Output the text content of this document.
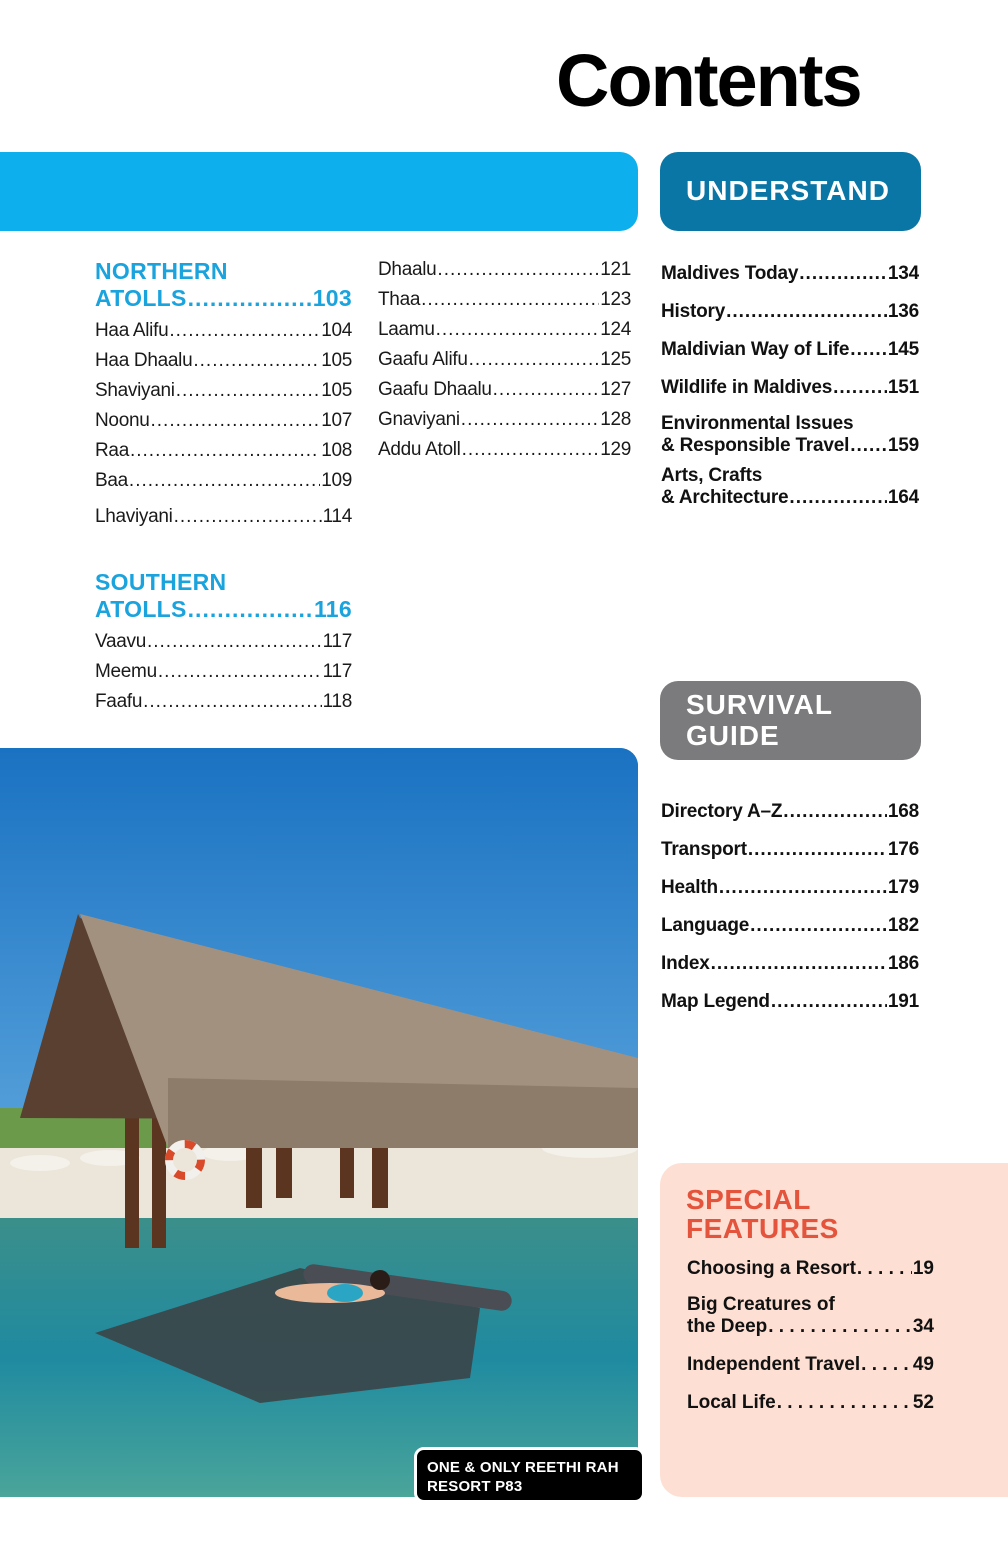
Contents
UNDERSTAND
SURVIVAL
GUIDE
NORTHERN
ATOLLS .....	103
Haa Alifu .....	104
Haa Dhaalu .....	105
Shaviyani .....	105
Noonu .....	107
Raa .....	108
Baa .....	109
Lhaviyani .....	114
SOUTHERN
ATOLLS .....	116
Vaavu .....	117
Meemu .....	117
Faafu .....	118
Dhaalu .....	121
Thaa .....	123
Laamu .....	124
Gaafu Alifu .....	125
Gaafu Dhaalu .....	127
Gnaviyani .....	128
Addu Atoll .....	129
Maldives Today .....	134
History .....	136
Maldivian Way of Life ..... 145
Wildlife in Maldives .....	151
Environmental Issues
& Responsible Travel ..... 159
Arts, Crafts
& Architecture .....	164
Directory A–Z .....	168
Transport .....	176
Health .....	179
Language .....	182
Index .....	186
Map Legend .....	191
ONE & ONLY REETHI RAH
RESORT P83
SPECIAL
FEATURES
Choosing a Resort . . .	19
Big Creatures of
the Deep . . .	34
Independent Travel . . .	49
Local Life . . .	52
